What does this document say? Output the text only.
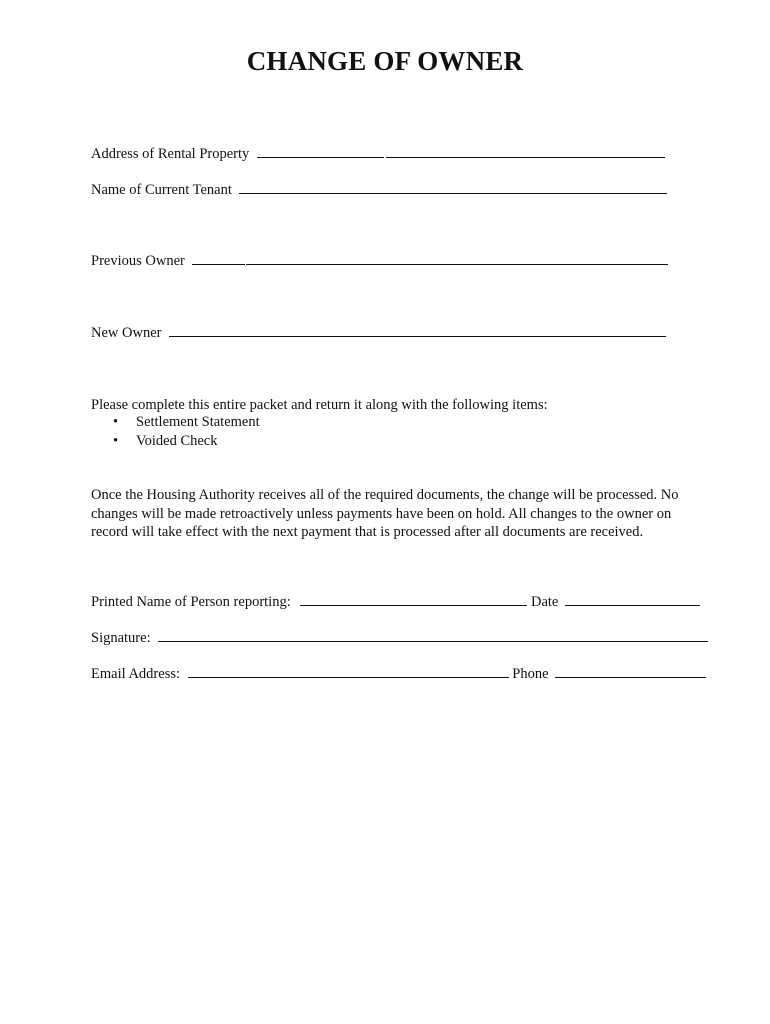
CHANGE OF OWNER
Address of Rental Property
Name of Current Tenant
Previous Owner
New Owner
Please complete this entire packet and return it along with the following items:
• Settlement Statement
• Voided Check
Once the Housing Authority receives all of the required documents, the change will be processed. No changes will be made retroactively unless payments have been on hold. All changes to the owner on record will take effect with the next payment that is processed after all documents are received.
Printed Name of Person reporting:	Date
Signature:
Email Address:	Phone
